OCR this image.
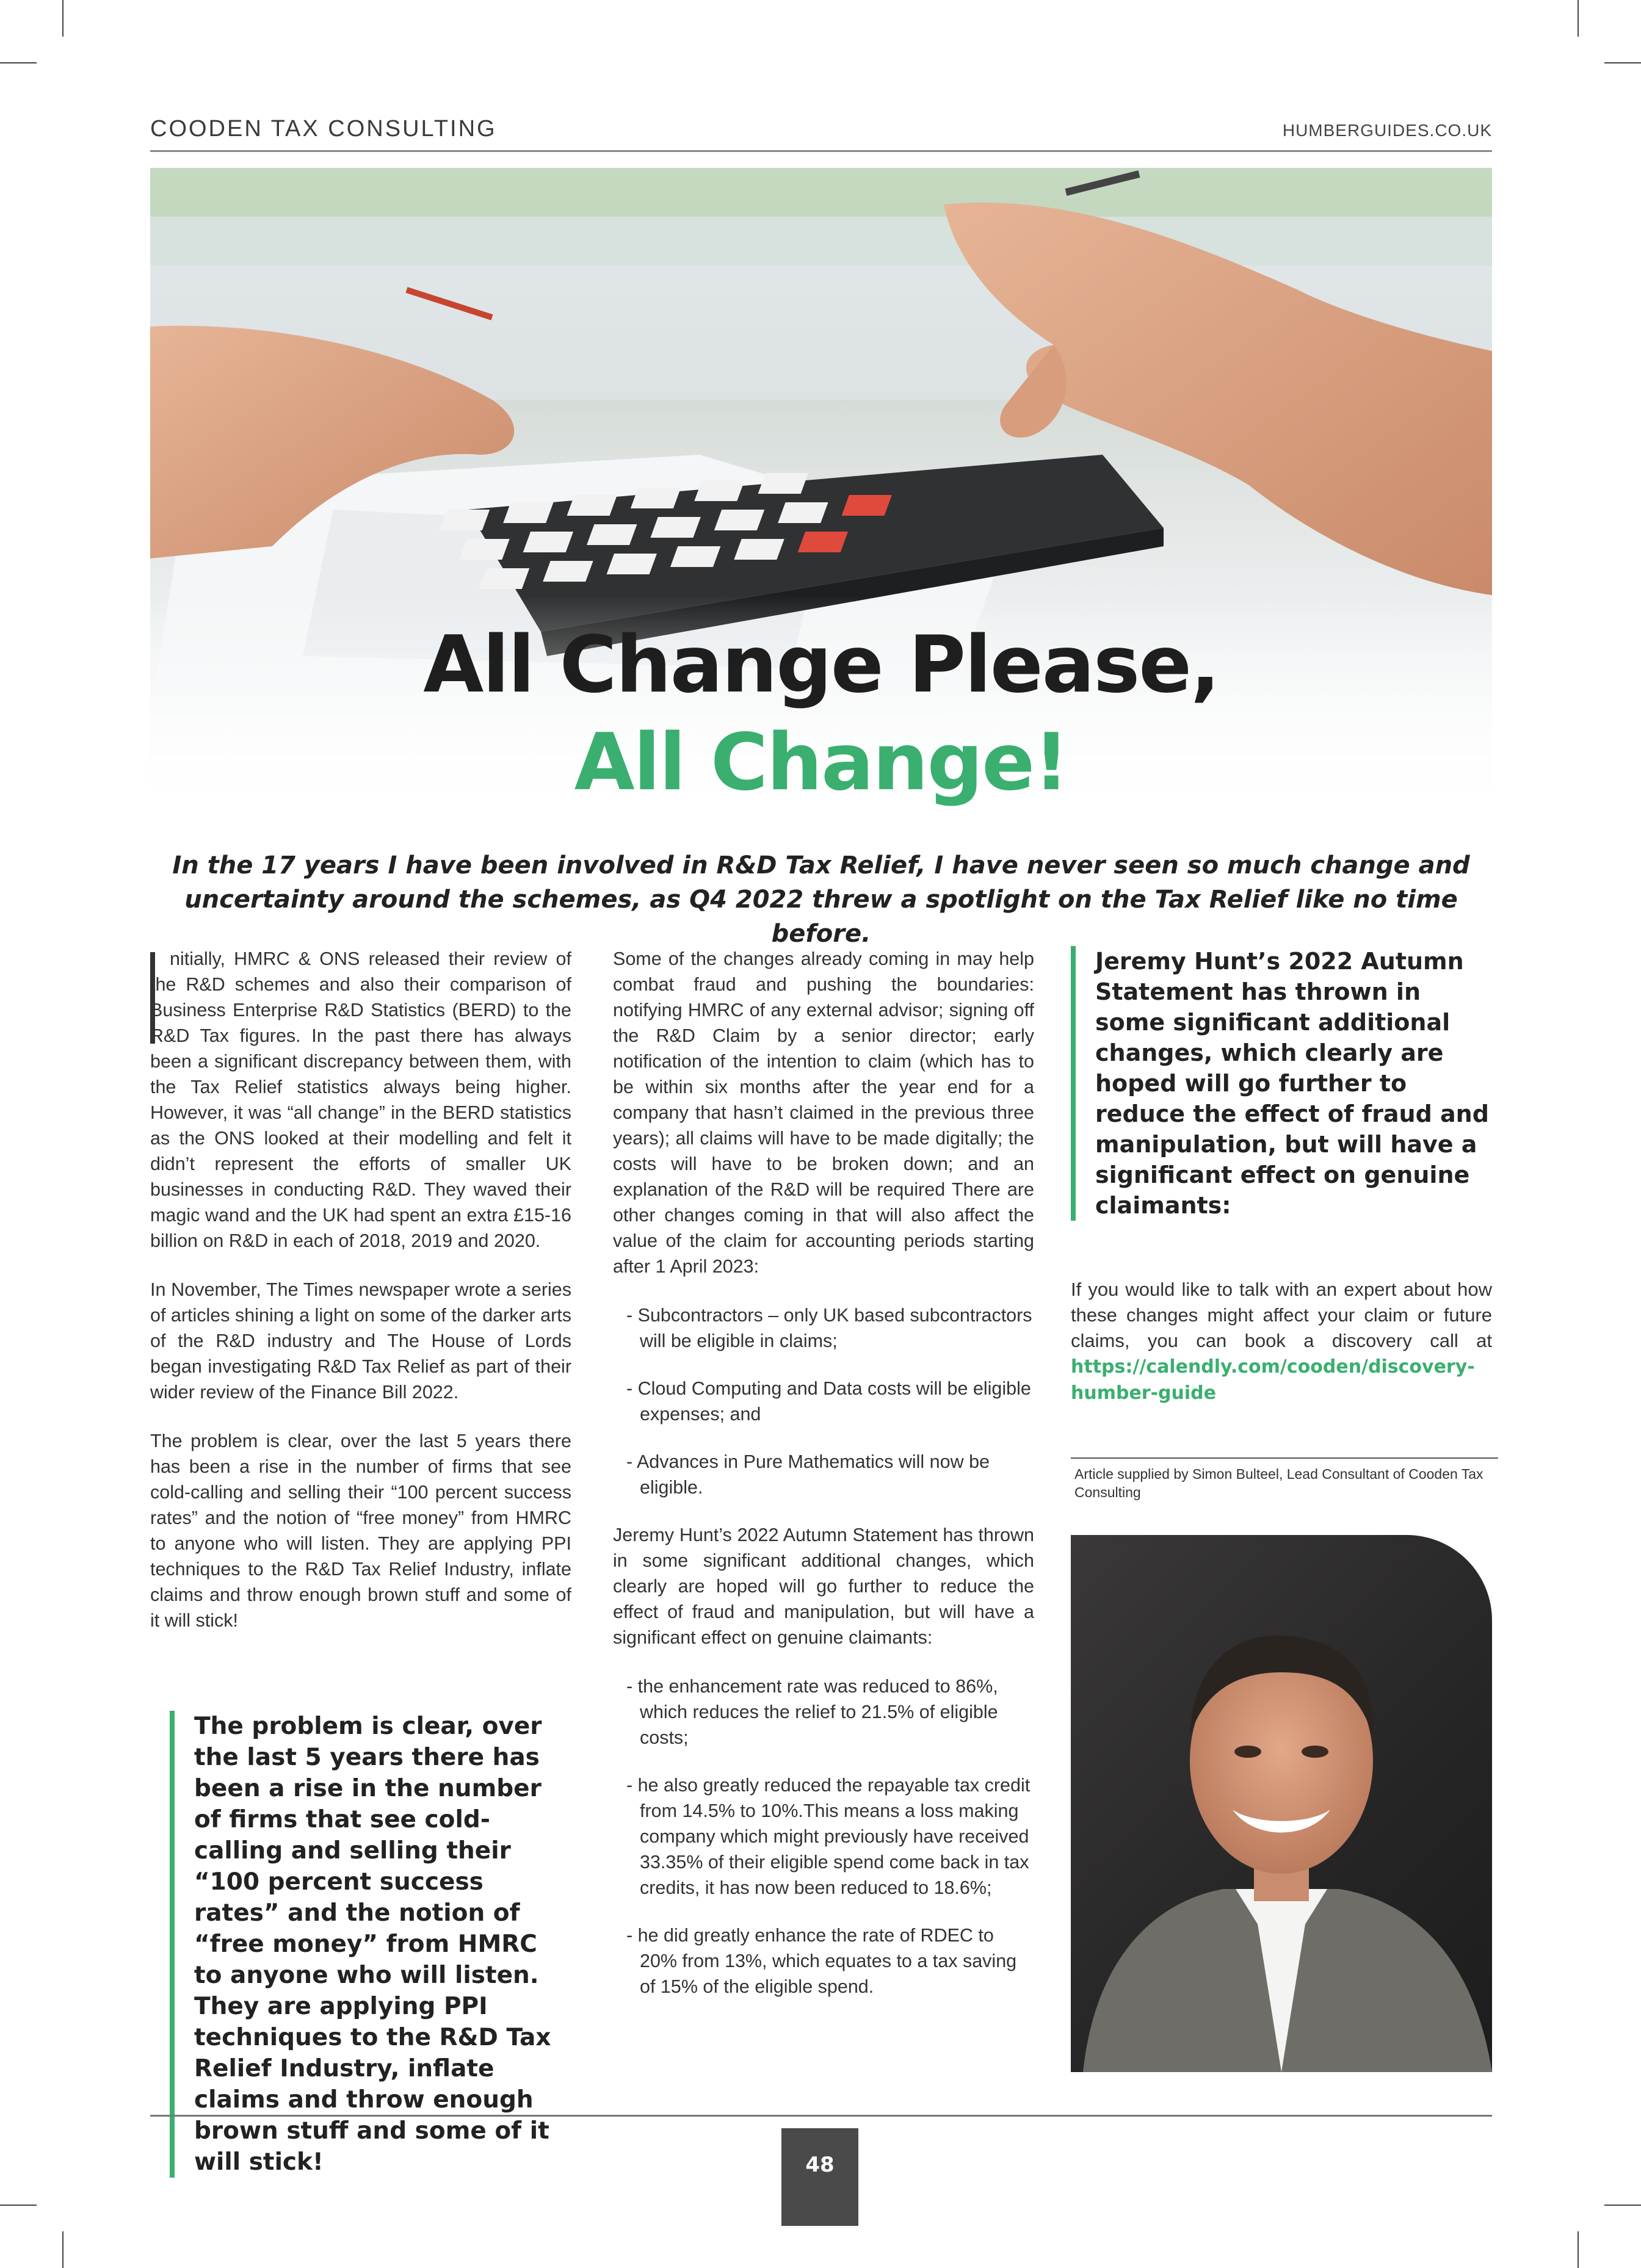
COODEN TAX CONSULTING	HUMBERGUIDES.CO.UK
All Change Please,
All Change!
In the 17 years I have been involved in R&D Tax Relief, I have never seen so much change and uncertainty around the schemes, as Q4 2022 threw a spotlight on the Tax Relief like no time before.

nitially, HMRC & ONS released their review of the R&D schemes and also their comparison of Business Enterprise R&D Statistics (BERD) to the R&D Tax figures. In the past there has always been a significant discrepancy between them, with the Tax Relief statistics always being higher. However, it was “all change” in the BERD statistics as the ONS looked at their modelling and felt it didn’t represent the efforts of smaller UK businesses in conducting R&D. They waved their magic wand and the UK had spent an extra £15-16 billion on R&D in each of 2018, 2019 and 2020.

In November, The Times newspaper wrote a series of articles shining a light on some of the darker arts of the R&D industry and The House of Lords began investigating R&D Tax Relief as part of their wider review of the Finance Bill 2022.

The problem is clear, over the last 5 years there has been a rise in the number of firms that see cold-calling and selling their “100 percent success rates” and the notion of “free money” from HMRC to anyone who will listen. They are applying PPI techniques to the R&D Tax Relief Industry, inflate claims and throw enough brown stuff and some of it will stick!

The problem is clear, over the last 5 years there has been a rise in the number of firms that see cold-calling and selling their “100 percent success rates” and the notion of “free money” from HMRC to anyone who will listen. They are applying PPI techniques to the R&D Tax Relief Industry, inflate claims and throw enough brown stuff and some of it will stick!

Some of the changes already coming in may help combat fraud and pushing the boundaries: notifying HMRC of any external advisor; signing off the R&D Claim by a senior director; early notification of the intention to claim (which has to be within six months after the year end for a company that hasn’t claimed in the previous three years); all claims will have to be made digitally; the costs will have to be broken down; and an explanation of the R&D will be required There are other changes coming in that will also affect the value of the claim for accounting periods starting after 1 April 2023:

- Subcontractors – only UK based subcontractors will be eligible in claims;

- Cloud Computing and Data costs will be eligible expenses; and

- Advances in Pure Mathematics will now be eligible.

Jeremy Hunt’s 2022 Autumn Statement has thrown in some significant additional changes, which clearly are hoped will go further to reduce the effect of fraud and manipulation, but will have a significant effect on genuine claimants:

- the enhancement rate was reduced to 86%, which reduces the relief to 21.5% of eligible costs;

- he also greatly reduced the repayable tax credit from 14.5% to 10%.This means a loss making company which might previously have received 33.35% of their eligible spend come back in tax credits, it has now been reduced to 18.6%;

- he did greatly enhance the rate of RDEC to 20% from 13%, which equates to a tax saving of 15% of the eligible spend.

Jeremy Hunt’s 2022 Autumn Statement has thrown in some significant additional changes, which clearly are hoped will go further to reduce the effect of fraud and manipulation, but will have a significant effect on genuine claimants:
If you would like to talk with an expert about how these changes might affect your claim or future claims, you can book a discovery call at https://calendly.com/cooden/discovery-humber-guide
Article supplied by Simon Bulteel, Lead Consultant of Cooden Tax Consulting
48
